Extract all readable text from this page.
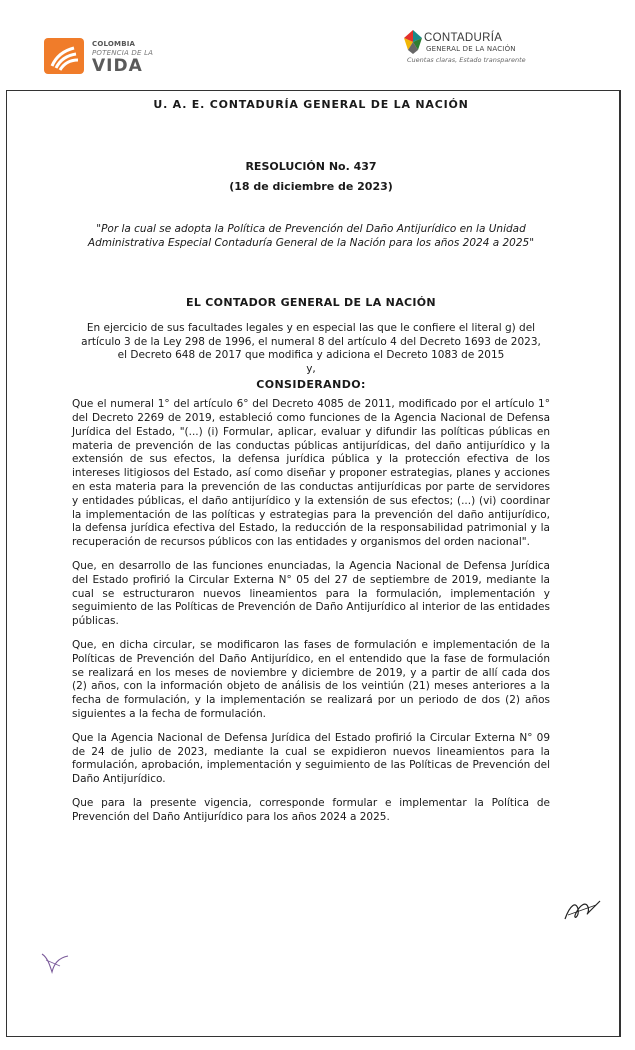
COLOMBIA
POTENCIA DE LA
VIDA
CONTADURÍA
GENERAL DE LA NACIÓN
Cuentas claras, Estado transparente

U. A. E. CONTADURÍA GENERAL DE LA NACIÓN

RESOLUCIÓN No. 437

(18 de diciembre de 2023)

"Por la cual se adopta la Política de Prevención del Daño Antijurídico en la Unidad Administrativa Especial Contaduría General de la Nación para los años 2024 a 2025"

EL CONTADOR GENERAL DE LA NACIÓN

En ejercicio de sus facultades legales y en especial las que le confiere el literal g) del artículo 3 de la Ley 298 de 1996, el numeral 8 del artículo 4 del Decreto 1693 de 2023, el Decreto 648 de 2017 que modifica y adiciona el Decreto 1083 de 2015

y,

CONSIDERANDO:

Que el numeral 1° del artículo 6° del Decreto 4085 de 2011, modificado por el artículo 1° del Decreto 2269 de 2019, estableció como funciones de la Agencia Nacional de Defensa Jurídica del Estado, "(...) (i) Formular, aplicar, evaluar y difundir las políticas públicas en materia de prevención de las conductas públicas antijurídicas, del daño antijurídico y la extensión de sus efectos, la defensa jurídica pública y la protección efectiva de los intereses litigiosos del Estado, así como diseñar y proponer estrategias, planes y acciones en esta materia para la prevención de las conductas antijurídicas por parte de servidores y entidades públicas, el daño antijurídico y la extensión de sus efectos; (...) (vi) coordinar la implementación de las políticas y estrategias para la prevención del daño antijurídico, la defensa jurídica efectiva del Estado, la reducción de la responsabilidad patrimonial y la recuperación de recursos públicos con las entidades y organismos del orden nacional".

Que, en desarrollo de las funciones enunciadas, la Agencia Nacional de Defensa Jurídica del Estado profirió la Circular Externa N° 05 del 27 de septiembre de 2019, mediante la cual se estructuraron nuevos lineamientos para la formulación, implementación y seguimiento de las Políticas de Prevención de Daño Antijurídico al interior de las entidades públicas.

Que, en dicha circular, se modificaron las fases de formulación e implementación de la Políticas de Prevención del Daño Antijurídico, en el entendido que la fase de formulación se realizará en los meses de noviembre y diciembre de 2019, y a partir de allí cada dos (2) años, con la información objeto de análisis de los veintiún (21) meses anteriores a la fecha de formulación, y la implementación se realizará por un periodo de dos (2) años siguientes a la fecha de formulación.

Que la Agencia Nacional de Defensa Jurídica del Estado profirió la Circular Externa N° 09 de 24 de julio de 2023, mediante la cual se expidieron nuevos lineamientos para la formulación, aprobación, implementación y seguimiento de las Políticas de Prevención del Daño Antijurídico.

Que para la presente vigencia, corresponde formular e implementar la Política de Prevención del Daño Antijurídico para los años 2024 a 2025.
